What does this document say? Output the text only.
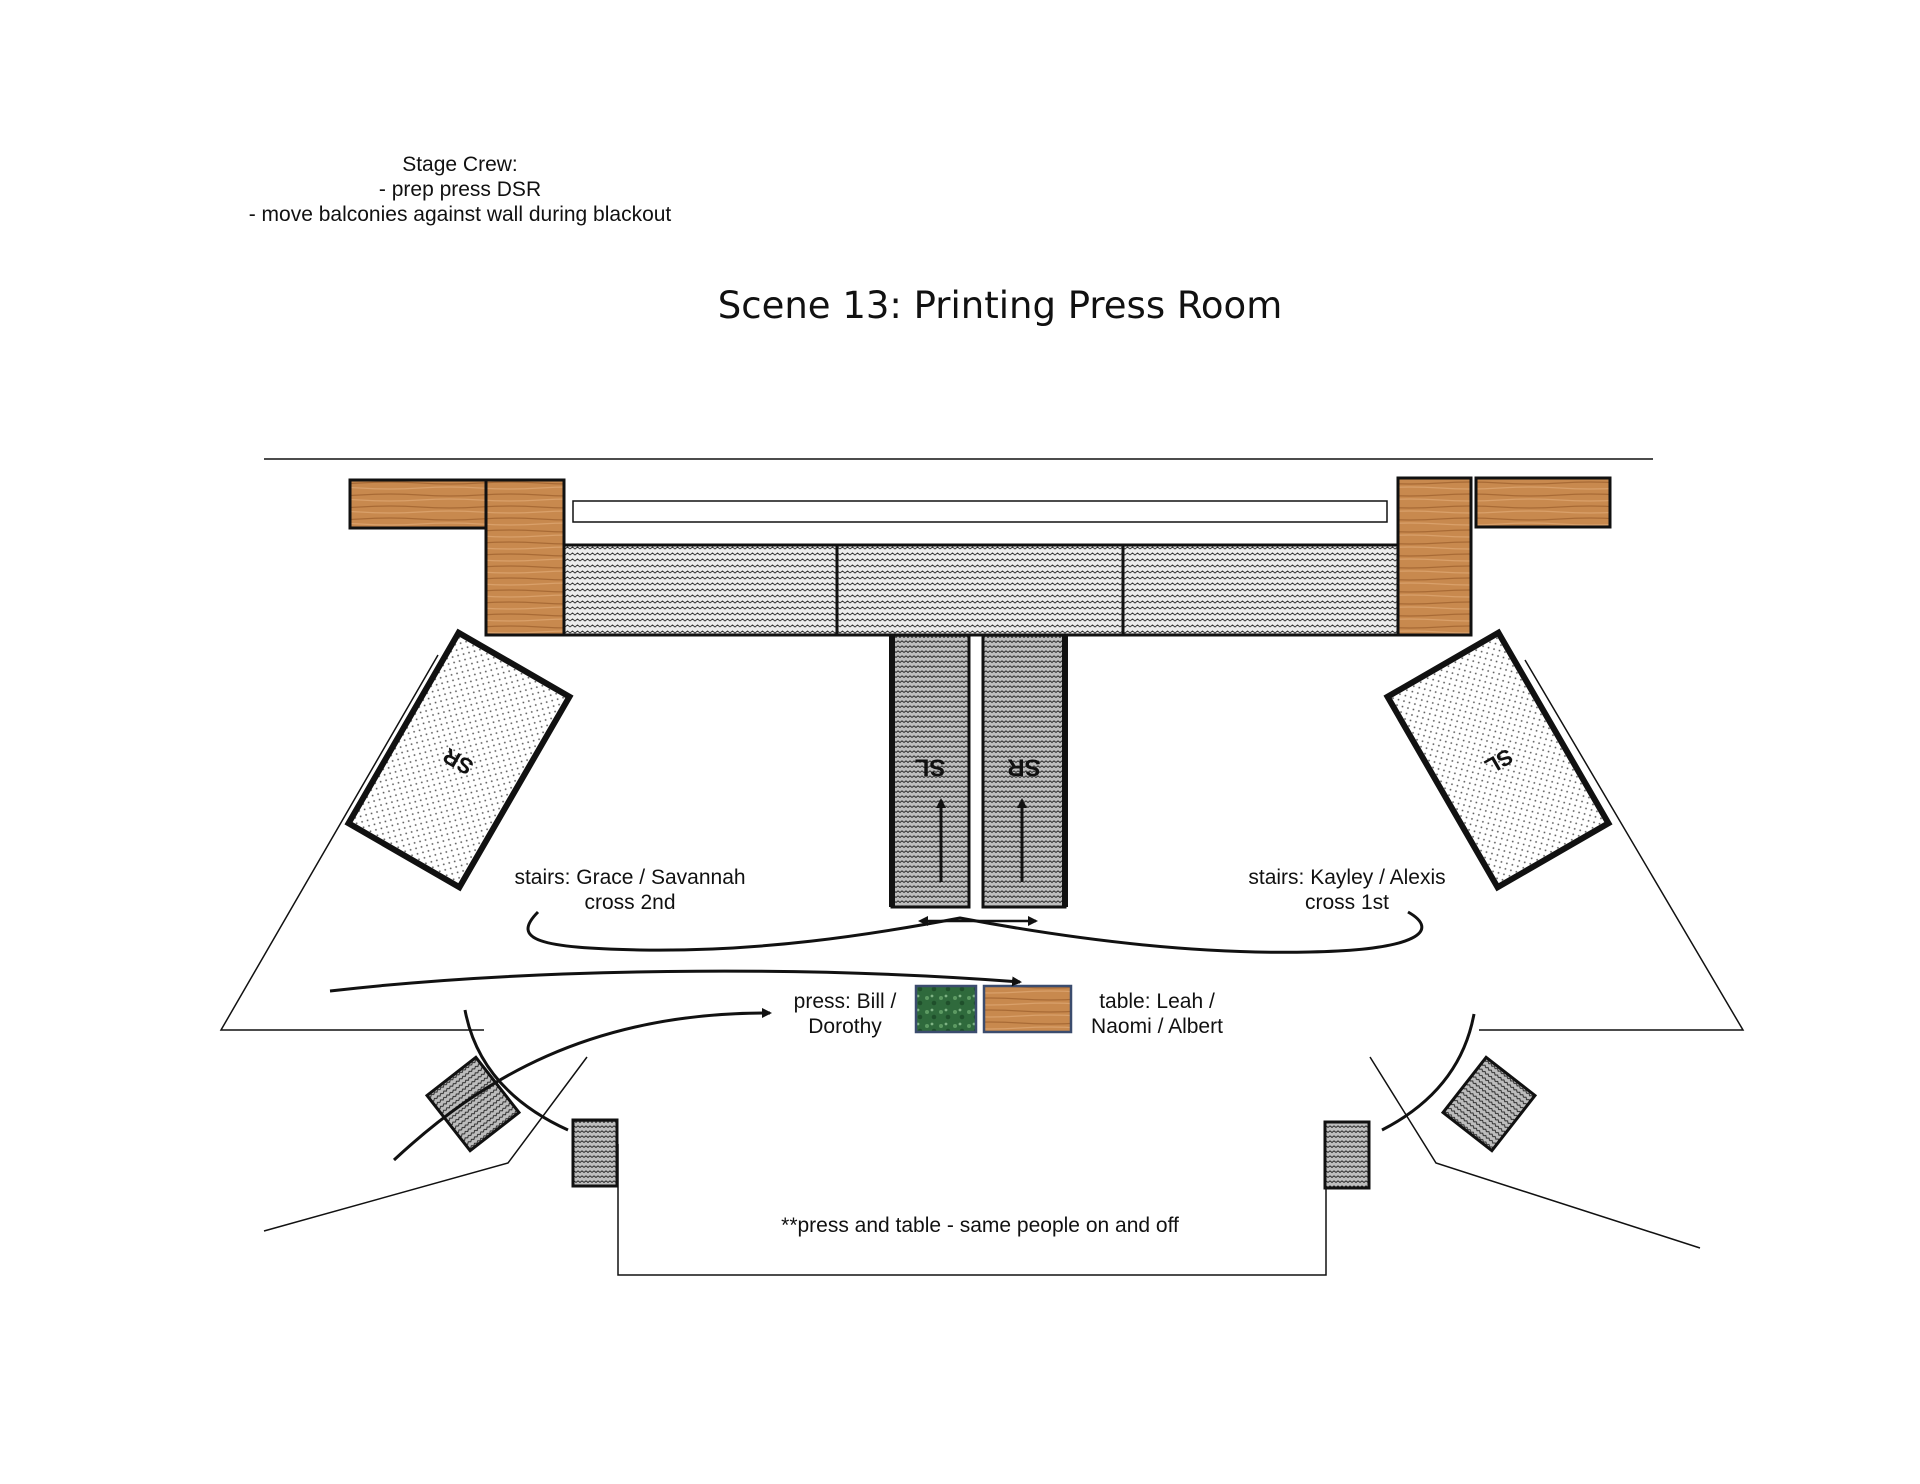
SL	SR
SR	SL
Stage Crew:
- prep press DSR
- move balconies against wall during blackout
Scene 13: Printing Press Room
stairs: Grace / Savannah
cross 2nd
stairs: Kayley / Alexis
cross 1st
press: Bill /
Dorothy
table: Leah /
Naomi / Albert
**press and table - same people on and off
